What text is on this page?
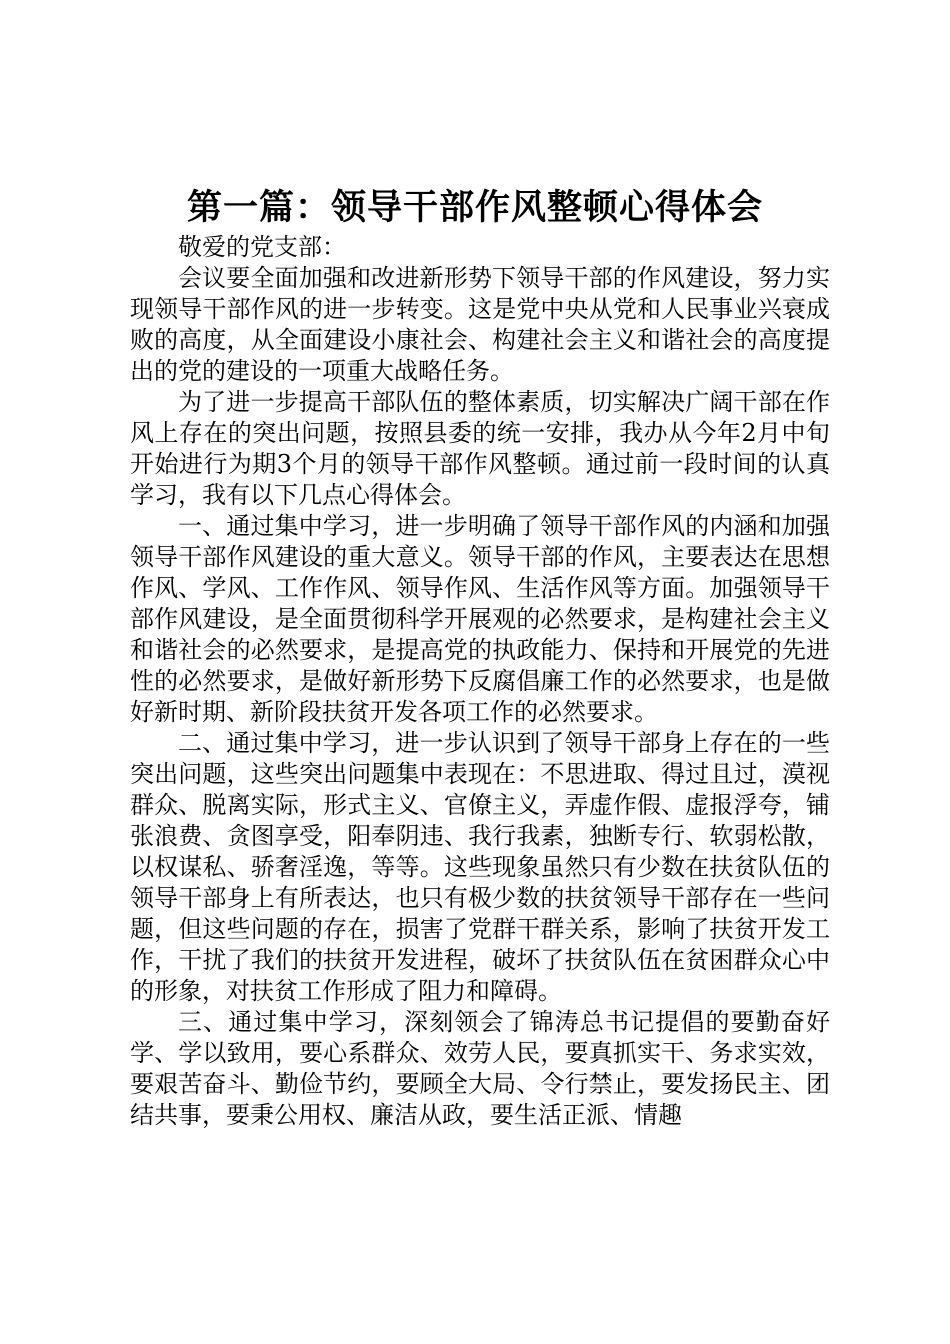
第一篇：领导干部作风整顿心得体会

敬爱的党支部：

会议要全面加强和改进新形势下领导干部的作风建设，努力实现领导干部作风的进一步转变。这是党中央从党和人民事业兴衰成败的高度，从全面建设小康社会、构建社会主义和谐社会的高度提出的党的建设的一项重大战略任务。

为了进一步提高干部队伍的整体素质，切实解决广阔干部在作风上存在的突出问题，按照县委的统一安排，我办从今年2月中旬开始进行为期3个月的领导干部作风整顿。通过前一段时间的认真学习，我有以下几点心得体会。

一、通过集中学习，进一步明确了领导干部作风的内涵和加强领导干部作风建设的重大意义。领导干部的作风，主要表达在思想作风、学风、工作作风、领导作风、生活作风等方面。加强领导干部作风建设，是全面贯彻科学开展观的必然要求，是构建社会主义和谐社会的必然要求，是提高党的执政能力、保持和开展党的先进性的必然要求，是做好新形势下反腐倡廉工作的必然要求，也是做好新时期、新阶段扶贫开发各项工作的必然要求。

二、通过集中学习，进一步认识到了领导干部身上存在的一些突出问题，这些突出问题集中表现在：不思进取、得过且过，漠视群众、脱离实际，形式主义、官僚主义，弄虚作假、虚报浮夸，铺张浪费、贪图享受，阳奉阴违、我行我素，独断专行、软弱松散，以权谋私、骄奢淫逸，等等。这些现象虽然只有少数在扶贫队伍的领导干部身上有所表达，也只有极少数的扶贫领导干部存在一些问题，但这些问题的存在，损害了党群干群关系，影响了扶贫开发工作，干扰了我们的扶贫开发进程，破坏了扶贫队伍在贫困群众心中的形象，对扶贫工作形成了阻力和障碍。

三、通过集中学习，深刻领会了锦涛总书记提倡的要勤奋好学、学以致用，要心系群众、效劳人民，要真抓实干、务求实效，要艰苦奋斗、勤俭节约，要顾全大局、令行禁止，要发扬民主、团结共事，要秉公用权、廉洁从政，要生活正派、情趣
